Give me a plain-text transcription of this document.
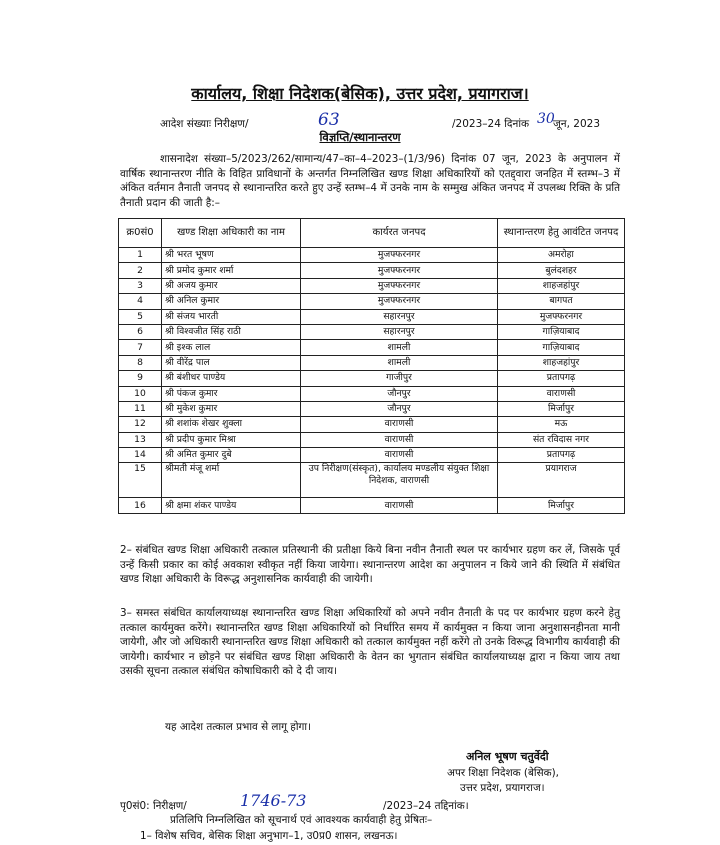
कार्यालय, शिक्षा निदेशक(बेसिक), उत्तर प्रदेश, प्रयागराज।
आदेश संख्याः निरीक्षण/	63	/2023–24 दिनांक 30
जून, 2023
विज्ञप्ति/स्थानान्तरण
शासनादेश संख्या–5/2023/262/सामान्य/47–का–4–2023–(1/3/96) दिनांक 07 जून, 2023 के अनुपालन में वार्षिक स्थानान्तरण नीति के विहित प्राविधानों के अन्तर्गत निम्नलिखित खण्ड शिक्षा अधिकारियों को एतद्द्वारा जनहित में स्तम्भ–3 में अंकित वर्तमान तैनाती जनपद से स्थानान्तरित करते हुए उन्हें स्तम्भ–4 में उनके नाम के सम्मुख अंकित जनपद में उपलब्ध रिक्ति के प्रति तैनाती प्रदान की जाती है:–
क्र0सं0	खण्ड शिक्षा अधिकारी का नाम	कार्यरत जनपद	स्थानान्तरण हेतु आवंटित जनपद
1	श्री भरत भूषण	मुजफ्फरनगर	अमरोहा
2	श्री प्रमोद कुमार शर्मा	मुजफ्फरनगर	बुलंदशहर
3	श्री अजय कुमार	मुजफ्फरनगर	शाहजहांपुर
4	श्री अनिल कुमार	मुजफ्फरनगर	बागपत
5	श्री संजय भारती	सहारनपुर	मुजफ्फरनगर
6	श्री विश्वजीत सिंह राठी	सहारनपुर	गाज़ियाबाद
7	श्री इश्क लाल	शामली	गाज़ियाबाद
8	श्री वीरेंद्र पाल	शामली	शाहजहांपुर
9	श्री बंशीधर पाण्डेय	गाजीपुर	प्रतापगढ़
10	श्री पंकज कुमार	जौनपुर	वाराणसी
11	श्री मुकेश कुमार	जौनपुर	मिर्जापुर
12	श्री शशांक शेखर शुक्ला	वाराणसी	मऊ
13	श्री प्रदीप कुमार मिश्रा	वाराणसी	संत रविदास नगर
14	श्री अमित कुमार दुबे	वाराणसी	प्रतापगढ़
15	श्रीमती मंजू शर्मा	उप निरीक्षण(संस्कृत), कार्यालय मण्डलीय संयुक्त शिक्षा निदेशक, वाराणसी	प्रयागराज
16	श्री क्षमा शंकर पाण्डेय	वाराणसी	मिर्जापुर
2– संबंधित खण्ड शिक्षा अधिकारी तत्काल प्रतिस्थानी की प्रतीक्षा किये बिना नवीन तैनाती स्थल पर कार्यभार ग्रहण कर लें, जिसके पूर्व उन्हें किसी प्रकार का कोई अवकाश स्वीकृत नहीं किया जायेगा। स्थानान्तरण आदेश का अनुपालन न किये जाने की स्थिति में संबंधित खण्ड शिक्षा अधिकारी के विरूद्ध अनुशासनिक कार्यवाही की जायेगी।
3– समस्त संबंधित कार्यालयाध्यक्ष स्थानान्तरित खण्ड शिक्षा अधिकारियों को अपने नवीन तैनाती के पद पर कार्यभार ग्रहण करने हेतु तत्काल कार्यमुक्त करेंगे। स्थानान्तरित खण्ड शिक्षा अधिकारियों को निर्धारित समय में कार्यमुक्त न किया जाना अनुशासनहीनता मानी जायेगी, और जो अधिकारी स्थानान्तरित खण्ड शिक्षा अधिकारी को तत्काल कार्यमुक्त नहीं करेंगे तो उनके विरूद्ध विभागीय कार्यवाही की जायेगी। कार्यभार न छोड़ने पर संबंधित खण्ड शिक्षा अधिकारी के वेतन का भुगतान संबंधित कार्यालयाध्यक्ष द्वारा न किया जाय तथा उसकी सूचना तत्काल संबंधित कोषाधिकारी को दे दी जाय।
यह आदेश तत्काल प्रभाव से लागू होगा।
अनिल भूषण चतुर्वेदी
अपर शिक्षा निदेशक (बेसिक),
उत्तर प्रदेश, प्रयागराज।
पृ0सं0: निरीक्षण/	1746-73	/2023–24 तद्दिनांक।
प्रतिलिपि निम्नलिखित को सूचनार्थ एवं आवश्यक कार्यवाही हेतु प्रेषितः–
1– विशेष सचिव, बेसिक शिक्षा अनुभाग–1, उ0प्र0 शासन, लखनऊ।
